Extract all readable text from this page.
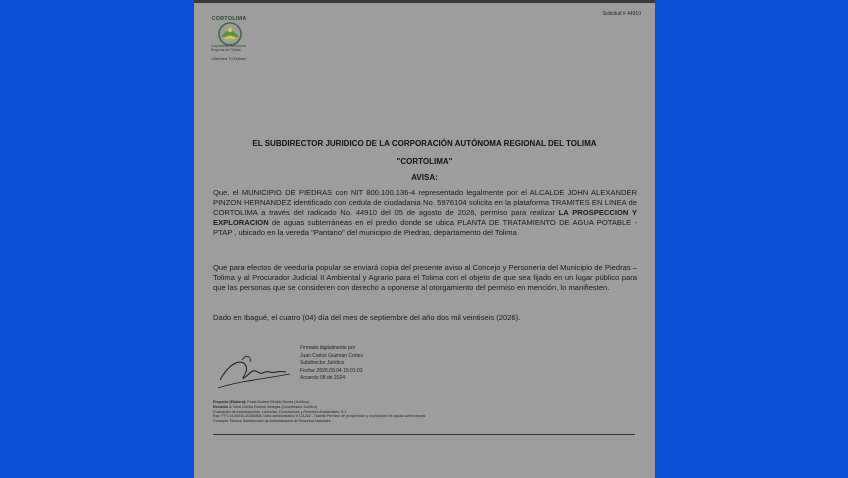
Solicitud # 44910
CORTOLIMA
Corporación Autónoma Regional del Tolima
¡Siembra Tu Futuro!
EL SUBDIRECTOR JURIDICO DE LA CORPORACIÓN AUTÓNOMA REGIONAL DEL TOLIMA
"CORTOLIMA"
AVISA:
Que, el MUNICIPIO DE PIEDRAS con NIT 800.100.136-4 representado legalmente por el ALCALDE JOHN ALEXANDER PINZON HERNANDEZ identificado con cedula de ciudadania No. 5976104 solicita en la plataforma TRAMITES EN LINEA de CORTOLIMA a través del radicado No. 44910 del 05 de agosto de 2026, permiso para realizar LA PROSPECCION Y EXPLORACION de aguas subterráneas en el predio donde se ubica PLANTA DE TRATAMIENTO DE AGUA POTABLE - PTAP , ubicado en la vereda "Pantano" del municipio de Piedras, departamento del Tolima
Que para efectos de veeduría popular se enviará copia del presente aviso al Concejo y Personería del Municipio de Piedras – Tolima y al Procurador Judicial II Ambiental y Agrario para el Tolima con el objeto de que sea fijado en un lugar público para que las personas que se consideren con derecho a oponerse al otorgamiento del permiso en mención, lo manifiesten.
Dado en Ibagué, el cuatro (04) día del mes de septiembre del año dos mil veintiseis (2026).
Firmado digitalmente por
Juan Carlos Guzmán Cortes
Subdirector Jurídico
Fecha: 2026.09.04 15:01:03
Acuerdo 08 de 2024
Proyectó (Elaboró): Paula Andrea Giraldo Rueda (Jurídico)
Revisión 1: Nora Camila Ramos Vanegas (Coordinador Jurídico)
Evaluación de Autorizaciones, Licencias, Concesiones y Permisos Ambientales, S.J.
Exp: PYT-14-44910-20260804 / Acto administrativo # 121262 - Trámite Permiso de prospección y exploración de aguas subterráneas
Concepto Técnico Subdirección de Administración de Recursos Naturales
